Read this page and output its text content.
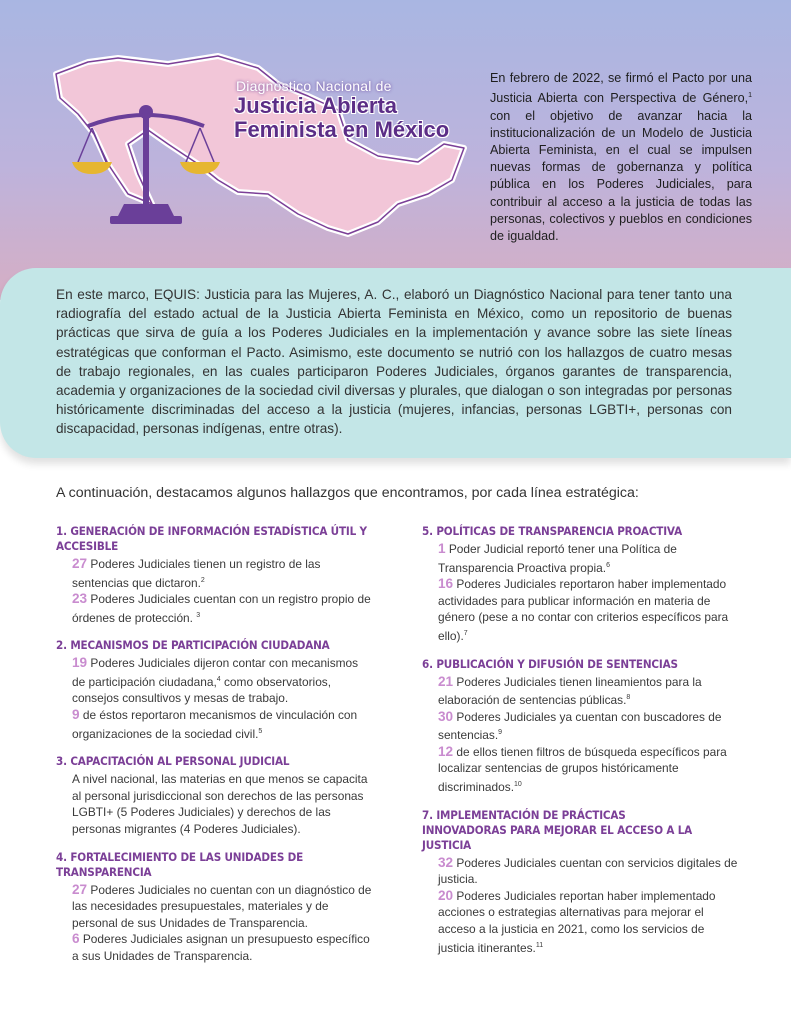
Diagnóstico Nacional de
Justicia Abierta
Feminista en México
En febrero de 2022, se firmó el Pacto por una Justicia Abierta con Perspectiva de Género,$^1$ con el objetivo de avanzar hacia la institucionalización de un Modelo de Justicia Abierta Feminista, en el cual se impulsen nuevas formas de gobernanza y política pública en los Poderes Judiciales, para contribuir al acceso a la justicia de todas las personas, colectivos y pueblos en condiciones de igualdad.
En este marco, EQUIS: Justicia para las Mujeres, A. C., elaboró un Diagnóstico Nacional para tener tanto una radiografía del estado actual de la Justicia Abierta Feminista en México, como un repositorio de buenas prácticas que sirva de guía a los Poderes Judiciales en la implementación y avance sobre las siete líneas estratégicas que conforman el Pacto. Asimismo, este documento se nutrió con los hallazgos de cuatro mesas de trabajo regionales, en las cuales participaron Poderes Judiciales, órganos garantes de transparencia, academia y organizaciones de la sociedad civil diversas y plurales, que dialogan o son integradas por personas históricamente discriminadas del acceso a la justicia (mujeres, infancias, personas LGBTI+, personas con discapacidad, personas indígenas, entre otras).
A continuación, destacamos algunos hallazgos que encontramos, por cada línea estratégica:
1. GENERACIÓN DE INFORMACIÓN ESTADÍSTICA ÚTIL Y ACCESIBLE
27 Poderes Judiciales tienen un registro de las sentencias que dictaron.$^2$
23 Poderes Judiciales cuentan con un registro propio de órdenes de protección. $^3$
2. MECANISMOS DE PARTICIPACIÓN CIUDADANA
19 Poderes Judiciales dijeron contar con mecanismos de participación ciudadana,$^4$ como observatorios, consejos consultivos y mesas de trabajo.
9 de éstos reportaron mecanismos de vinculación con organizaciones de la sociedad civil.$^5$
3. CAPACITACIÓN AL PERSONAL JUDICIAL
A nivel nacional, las materias en que menos se capacita al personal jurisdiccional son derechos de las personas LGBTI+ (5 Poderes Judiciales) y derechos de las personas migrantes (4 Poderes Judiciales).
4. FORTALECIMIENTO DE LAS UNIDADES DE TRANSPARENCIA
27 Poderes Judiciales no cuentan con un diagnóstico de las necesidades presupuestales, materiales y de personal de sus Unidades de Transparencia.
6 Poderes Judiciales asignan un presupuesto específico a sus Unidades de Transparencia.
5. POLÍTICAS DE TRANSPARENCIA PROACTIVA
1 Poder Judicial reportó tener una Política de Transparencia Proactiva propia.$^6$
16 Poderes Judiciales reportaron haber implementado actividades para publicar información en materia de género (pese a no contar con criterios específicos para ello).$^7$
6. PUBLICACIÓN Y DIFUSIÓN DE SENTENCIAS
21 Poderes Judiciales tienen lineamientos para la elaboración de sentencias públicas.$^8$
30 Poderes Judiciales ya cuentan con buscadores de sentencias.$^9$
12 de ellos tienen filtros de búsqueda específicos para localizar sentencias de grupos históricamente discriminados.$^{10}$
7. IMPLEMENTACIÓN DE PRÁCTICAS INNOVADORAS PARA MEJORAR EL ACCESO A LA JUSTICIA
32 Poderes Judiciales cuentan con servicios digitales de justicia.
20 Poderes Judiciales reportan haber implementado acciones o estrategias alternativas para mejorar el acceso a la justicia en 2021, como los servicios de justicia itinerantes.$^{11}$
